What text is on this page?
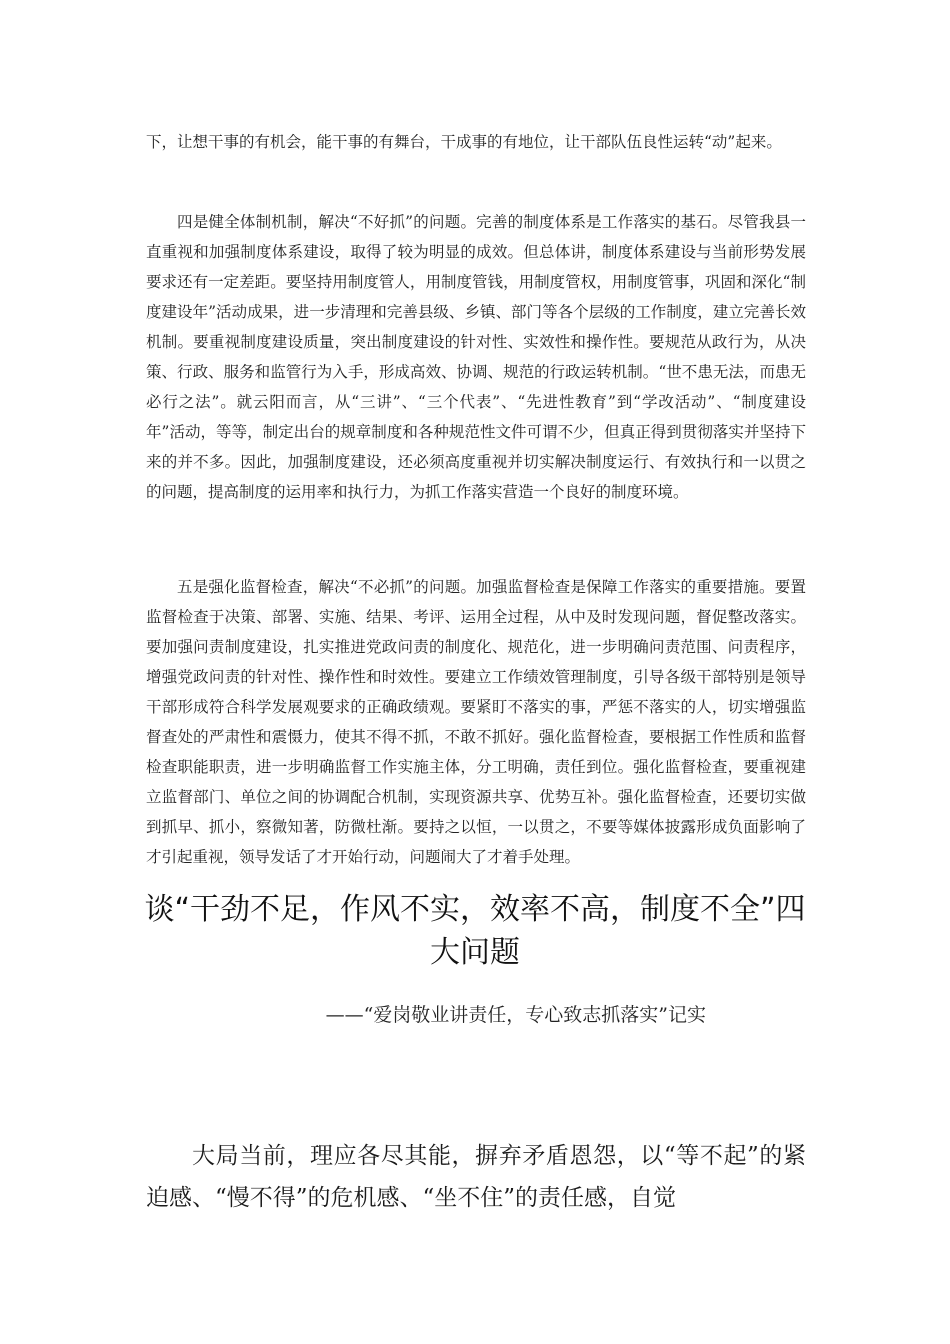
下，让想干事的有机会，能干事的有舞台，干成事的有地位，让干部队伍良性运转“动”起来。

四是健全体制机制，解决“不好抓”的问题。完善的制度体系是工作落实的基石。尽管我县一直重视和加强制度体系建设，取得了较为明显的成效。但总体讲，制度体系建设与当前形势发展要求还有一定差距。要坚持用制度管人，用制度管钱，用制度管权，用制度管事，巩固和深化“制度建设年”活动成果，进一步清理和完善县级、乡镇、部门等各个层级的工作制度，建立完善长效机制。要重视制度建设质量，突出制度建设的针对性、实效性和操作性。要规范从政行为，从决策、行政、服务和监管行为入手，形成高效、协调、规范的行政运转机制。“世不患无法，而患无必行之法”。就云阳而言，从“三讲”、“三个代表”、“先进性教育”到“学改活动”、“制度建设年”活动，等等，制定出台的规章制度和各种规范性文件可谓不少，但真正得到贯彻落实并坚持下来的并不多。因此，加强制度建设，还必须高度重视并切实解决制度运行、有效执行和一以贯之的问题，提高制度的运用率和执行力，为抓工作落实营造一个良好的制度环境。

五是强化监督检查，解决“不必抓”的问题。加强监督检查是保障工作落实的重要措施。要置监督检查于决策、部署、实施、结果、考评、运用全过程，从中及时发现问题，督促整改落实。要加强问责制度建设，扎实推进党政问责的制度化、规范化，进一步明确问责范围、问责程序，增强党政问责的针对性、操作性和时效性。要建立工作绩效管理制度，引导各级干部特别是领导干部形成符合科学发展观要求的正确政绩观。要紧盯不落实的事，严惩不落实的人，切实增强监督查处的严肃性和震慑力，使其不得不抓，不敢不抓好。强化监督检查，要根据工作性质和监督检查职能职责，进一步明确监督工作实施主体，分工明确，责任到位。强化监督检查，要重视建立监督部门、单位之间的协调配合机制，实现资源共享、优势互补。强化监督检查，还要切实做到抓早、抓小，察微知著，防微杜渐。要持之以恒，一以贯之，不要等媒体披露形成负面影响了才引起重视，领导发话了才开始行动，问题闹大了才着手处理。

谈“干劲不足，作风不实，效率不高，制度不全”四大问题

——“爱岗敬业讲责任，专心致志抓落实”记实

大局当前，理应各尽其能，摒弃矛盾恩怨，以“等不起”的紧迫感、“慢不得”的危机感、“坐不住”的责任感，自觉
